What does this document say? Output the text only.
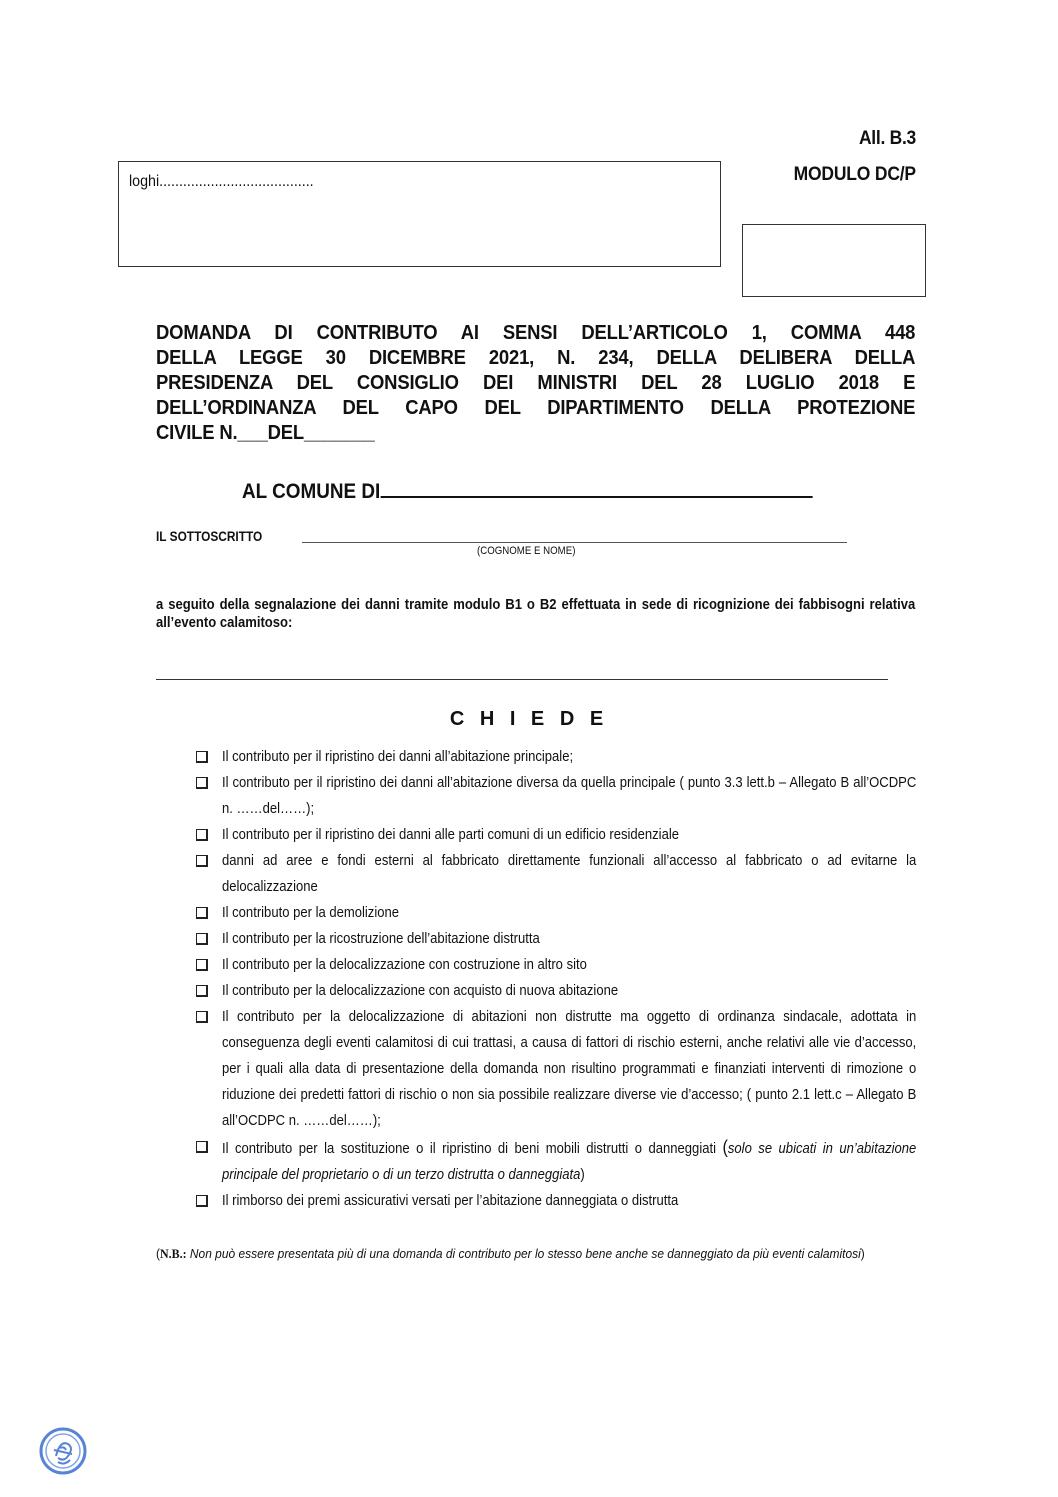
All. B.3
MODULO DC/P
loghi.......................................
DOMANDA DI CONTRIBUTO AI SENSI DELL’ARTICOLO 1, COMMA 448
DELLA LEGGE 30 DICEMBRE 2021, N. 234, DELLA DELIBERA DELLA
PRESIDENZA DEL CONSIGLIO DEI MINISTRI DEL 28 LUGLIO 2018 E
DELL’ORDINANZA DEL CAPO DEL DIPARTIMENTO DELLA PROTEZIONE
CIVILE N.___DEL_______
AL COMUNE DI
IL SOTTOSCRITTO
(COGNOME E NOME)
a seguito della segnalazione dei danni tramite modulo B1 o B2 effettuata in sede di ricognizione dei fabbisogni relativa all’evento calamitoso:
C H I E D E
Il contributo per il ripristino dei danni all’abitazione principale;
Il contributo per il ripristino dei danni all’abitazione diversa da quella principale ( punto 3.3 lett.b – Allegato B all’OCDPC n. ……del……);
Il contributo per il ripristino dei danni alle parti comuni di un edificio residenziale
danni ad aree e fondi esterni al fabbricato direttamente funzionali all’accesso al fabbricato o ad evitarne la delocalizzazione
Il contributo per la demolizione
Il contributo per la ricostruzione dell’abitazione distrutta
Il contributo per la delocalizzazione con costruzione in altro sito
Il contributo per la delocalizzazione con acquisto di nuova abitazione
Il contributo per la delocalizzazione di abitazioni non distrutte ma oggetto di ordinanza sindacale, adottata in conseguenza degli eventi calamitosi di cui trattasi, a causa di fattori di rischio esterni, anche relativi alle vie d’accesso, per i quali alla data di presentazione della domanda non risultino programmati e finanziati interventi di rimozione o riduzione dei predetti fattori di rischio o non sia possibile realizzare diverse vie d’accesso; ( punto 2.1 lett.c – Allegato B all’OCDPC n. ……del……);
Il contributo per la sostituzione o il ripristino di beni mobili distrutti o danneggiati (solo se ubicati in un’abitazione principale del proprietario o di un terzo distrutta o danneggiata)
Il rimborso dei premi assicurativi versati per l’abitazione danneggiata o distrutta
(N.B.: Non può essere presentata più di una domanda di contributo per lo stesso bene anche se danneggiato da più eventi calamitosi)
